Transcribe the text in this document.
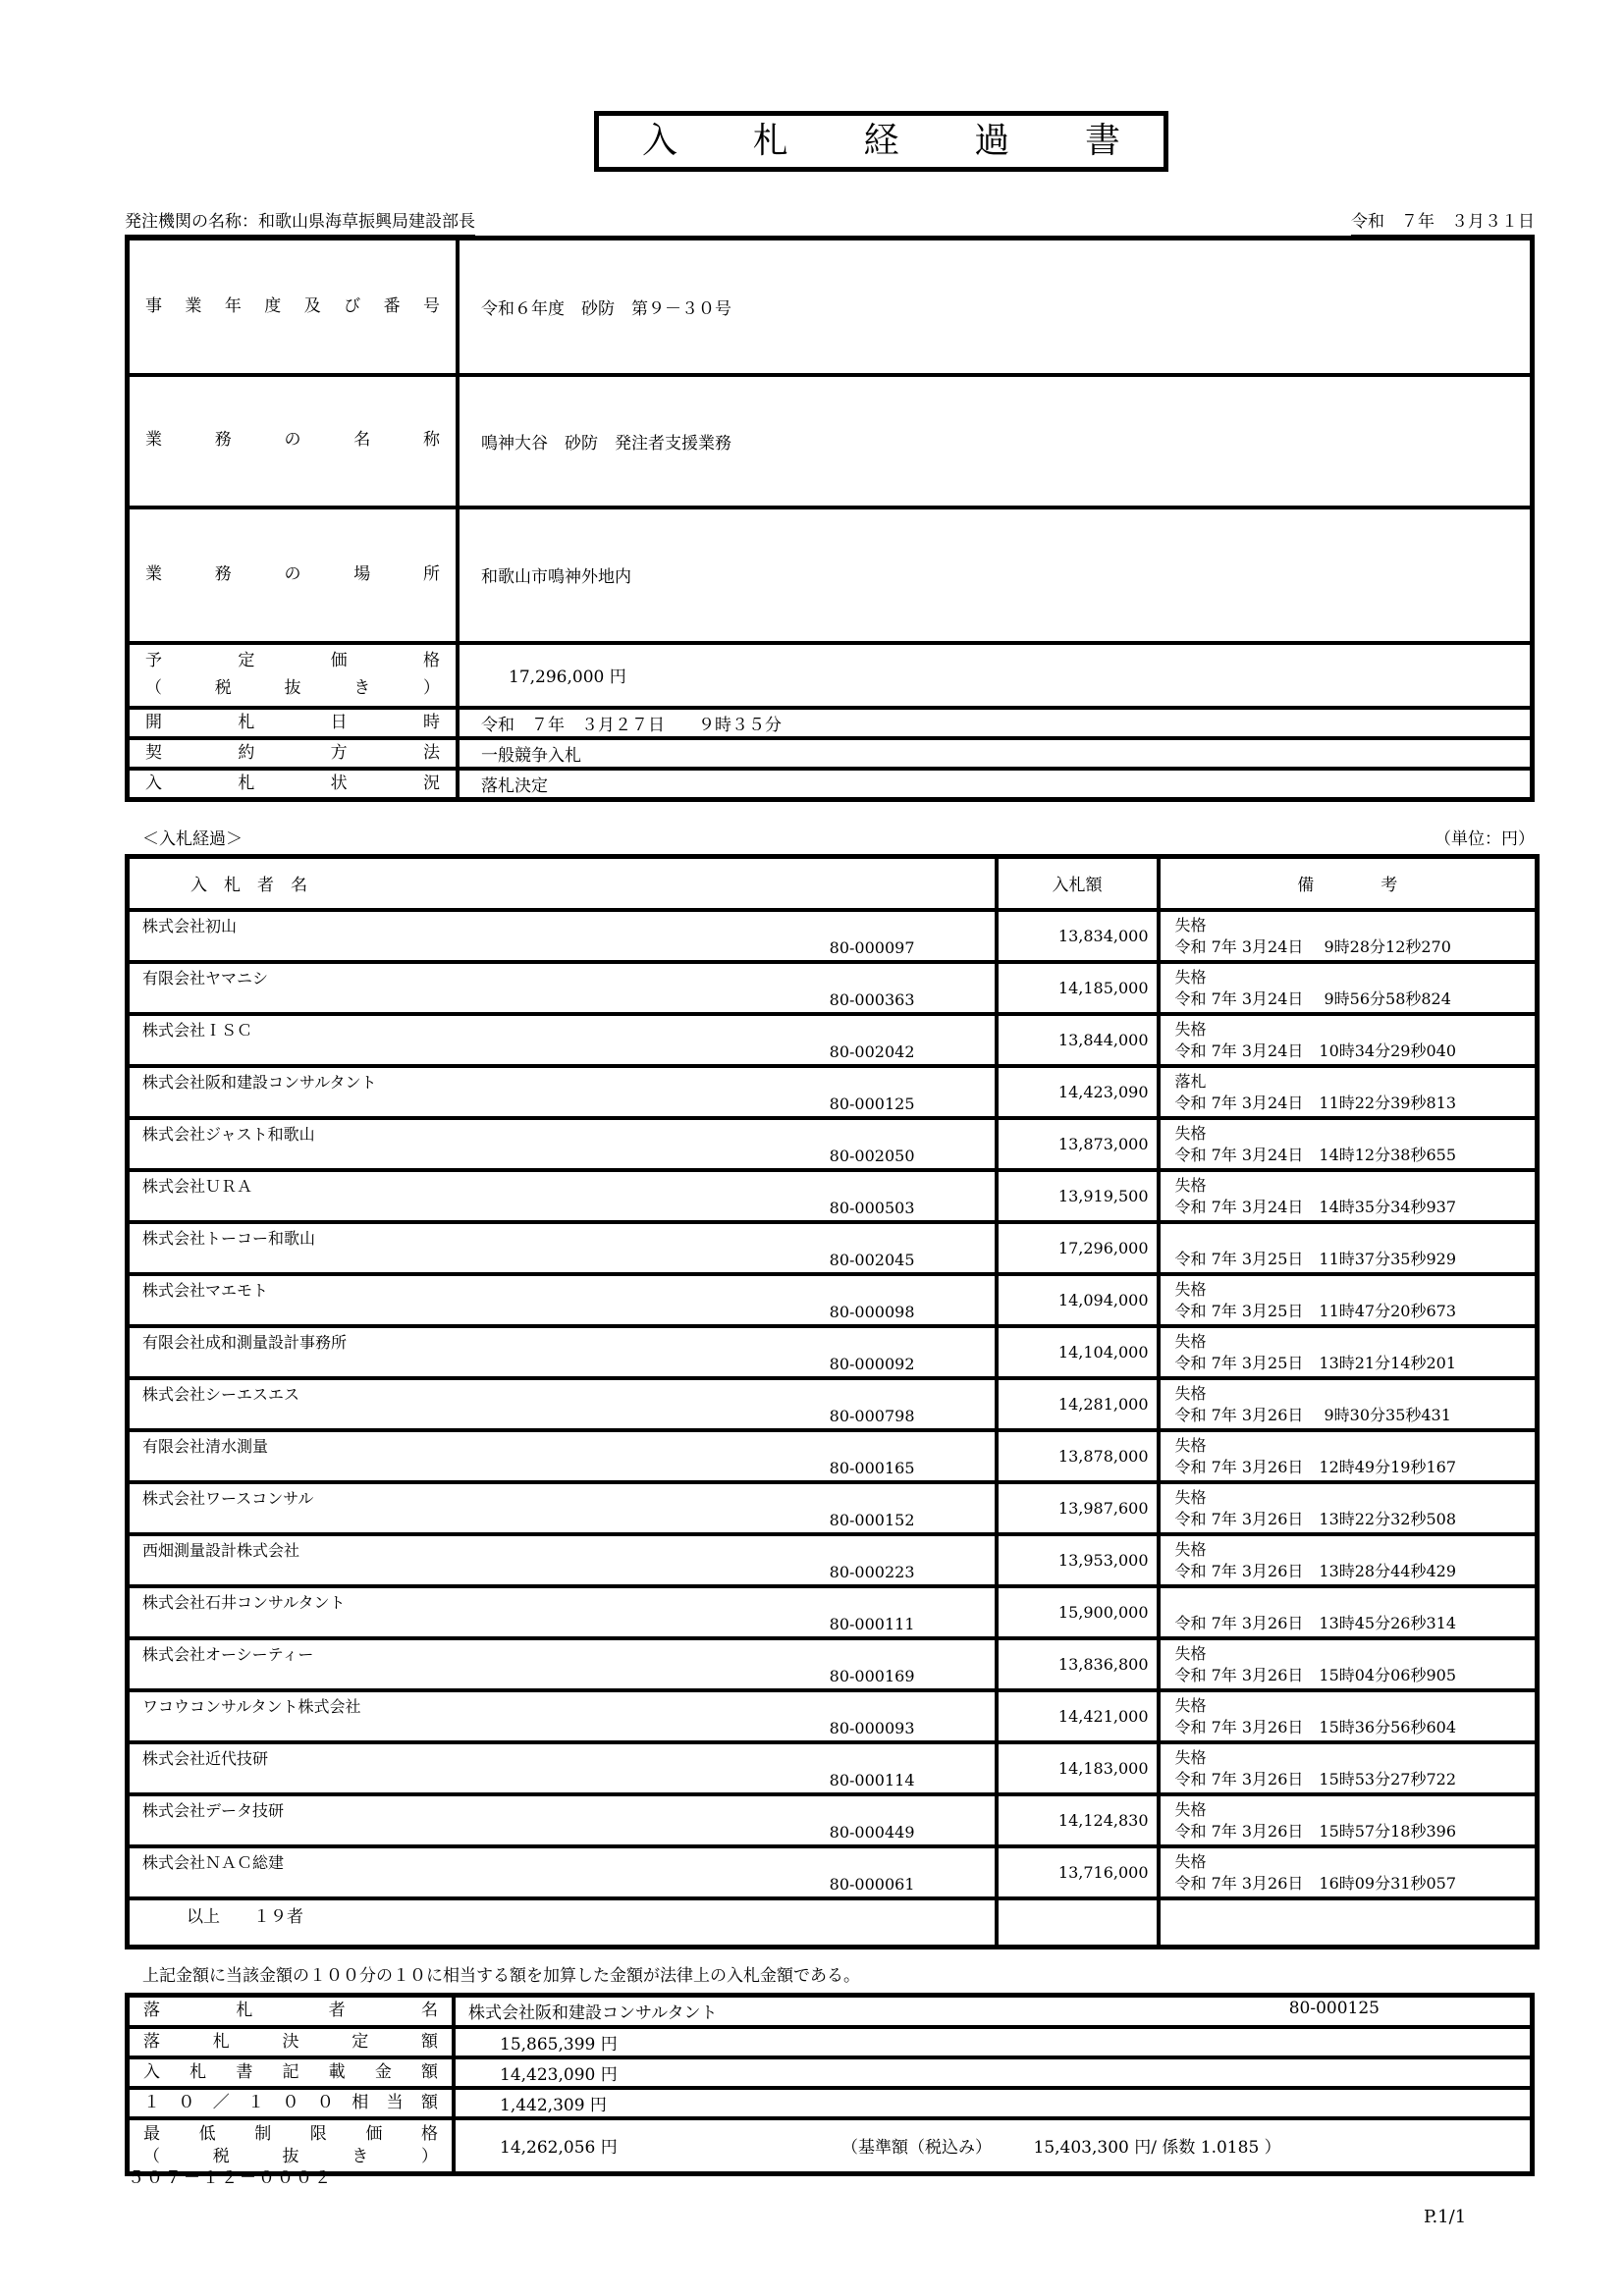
入札経過書
発注機関の名称：和歌山県海草振興局建設部長	令和　７年　３月３１日
事業年度及び番号	令和６年度　砂防　第９－３０号

業務の名称	鳴神大谷　砂防　発注者支援業務

業務の場所	和歌山市鳴神外地内

予定価格
（税抜き）	17,296,000 円

開札日時	令和　７年　３月２７日　　９時３５分

契約方法	一般競争入札

入札状況	落札決定
＜入札経過＞	（単位：円）
入　札　者　名	入札額	備　　　　考

株式会社初山
80-000097
	13,834,000	
失格
令和 7年 3月24日　 9時28分12秒270

有限会社ヤマニシ
80-000363
	14,185,000	
失格
令和 7年 3月24日　 9時56分58秒824

株式会社ＩＳＣ
80-002042
	13,844,000	
失格
令和 7年 3月24日　10時34分29秒040

株式会社阪和建設コンサルタント
80-000125
	14,423,090	
落札
令和 7年 3月24日　11時22分39秒813

株式会社ジャスト和歌山
80-002050
	13,873,000	
失格
令和 7年 3月24日　14時12分38秒655

株式会社ＵＲＡ
80-000503
	13,919,500	
失格
令和 7年 3月24日　14時35分34秒937

株式会社トーコー和歌山
80-002045	17,296,000	令和 7年 3月25日　11時37分35秒929

株式会社マエモト
80-000098
	14,094,000	
失格
令和 7年 3月25日　11時47分20秒673

有限会社成和測量設計事務所
80-000092
	14,104,000	
失格
令和 7年 3月25日　13時21分14秒201

株式会社シーエスエス
80-000798
	14,281,000	
失格
令和 7年 3月26日　 9時30分35秒431

有限会社清水測量
80-000165
	13,878,000	
失格
令和 7年 3月26日　12時49分19秒167

株式会社ワースコンサル
80-000152
	13,987,600	
失格
令和 7年 3月26日　13時22分32秒508

西畑測量設計株式会社
80-000223
	13,953,000	
失格
令和 7年 3月26日　13時28分44秒429

株式会社石井コンサルタント
80-000111	15,900,000	令和 7年 3月26日　13時45分26秒314

株式会社オーシーティー
80-000169
	13,836,800	
失格
令和 7年 3月26日　15時04分06秒905

ワコウコンサルタント株式会社
80-000093
	14,421,000	
失格
令和 7年 3月26日　15時36分56秒604

株式会社近代技研
80-000114
	14,183,000	
失格
令和 7年 3月26日　15時53分27秒722

株式会社データ技研
80-000449
	14,124,830	
失格
令和 7年 3月26日　15時57分18秒396

株式会社ＮＡＣ総建
80-000061
	13,716,000	
失格
令和 7年 3月26日　16時09分31秒057

以上　　１９者
上記金額に当該金額の１００分の１０に相当する額を加算した金額が法律上の入札金額である。
落札者名	株式会社阪和建設コンサルタント 80-000125

落札決定額	15,865,399 円

入札書記載金額	14,423,090 円

１０／１００相当額	1,442,309 円

最低制限価格
（税抜き）	14,262,056 円	（基準額（税込み）　　　15,403,300 円/ 係数 1.0185 ）
５０７－１２－０００２
P.1/1
